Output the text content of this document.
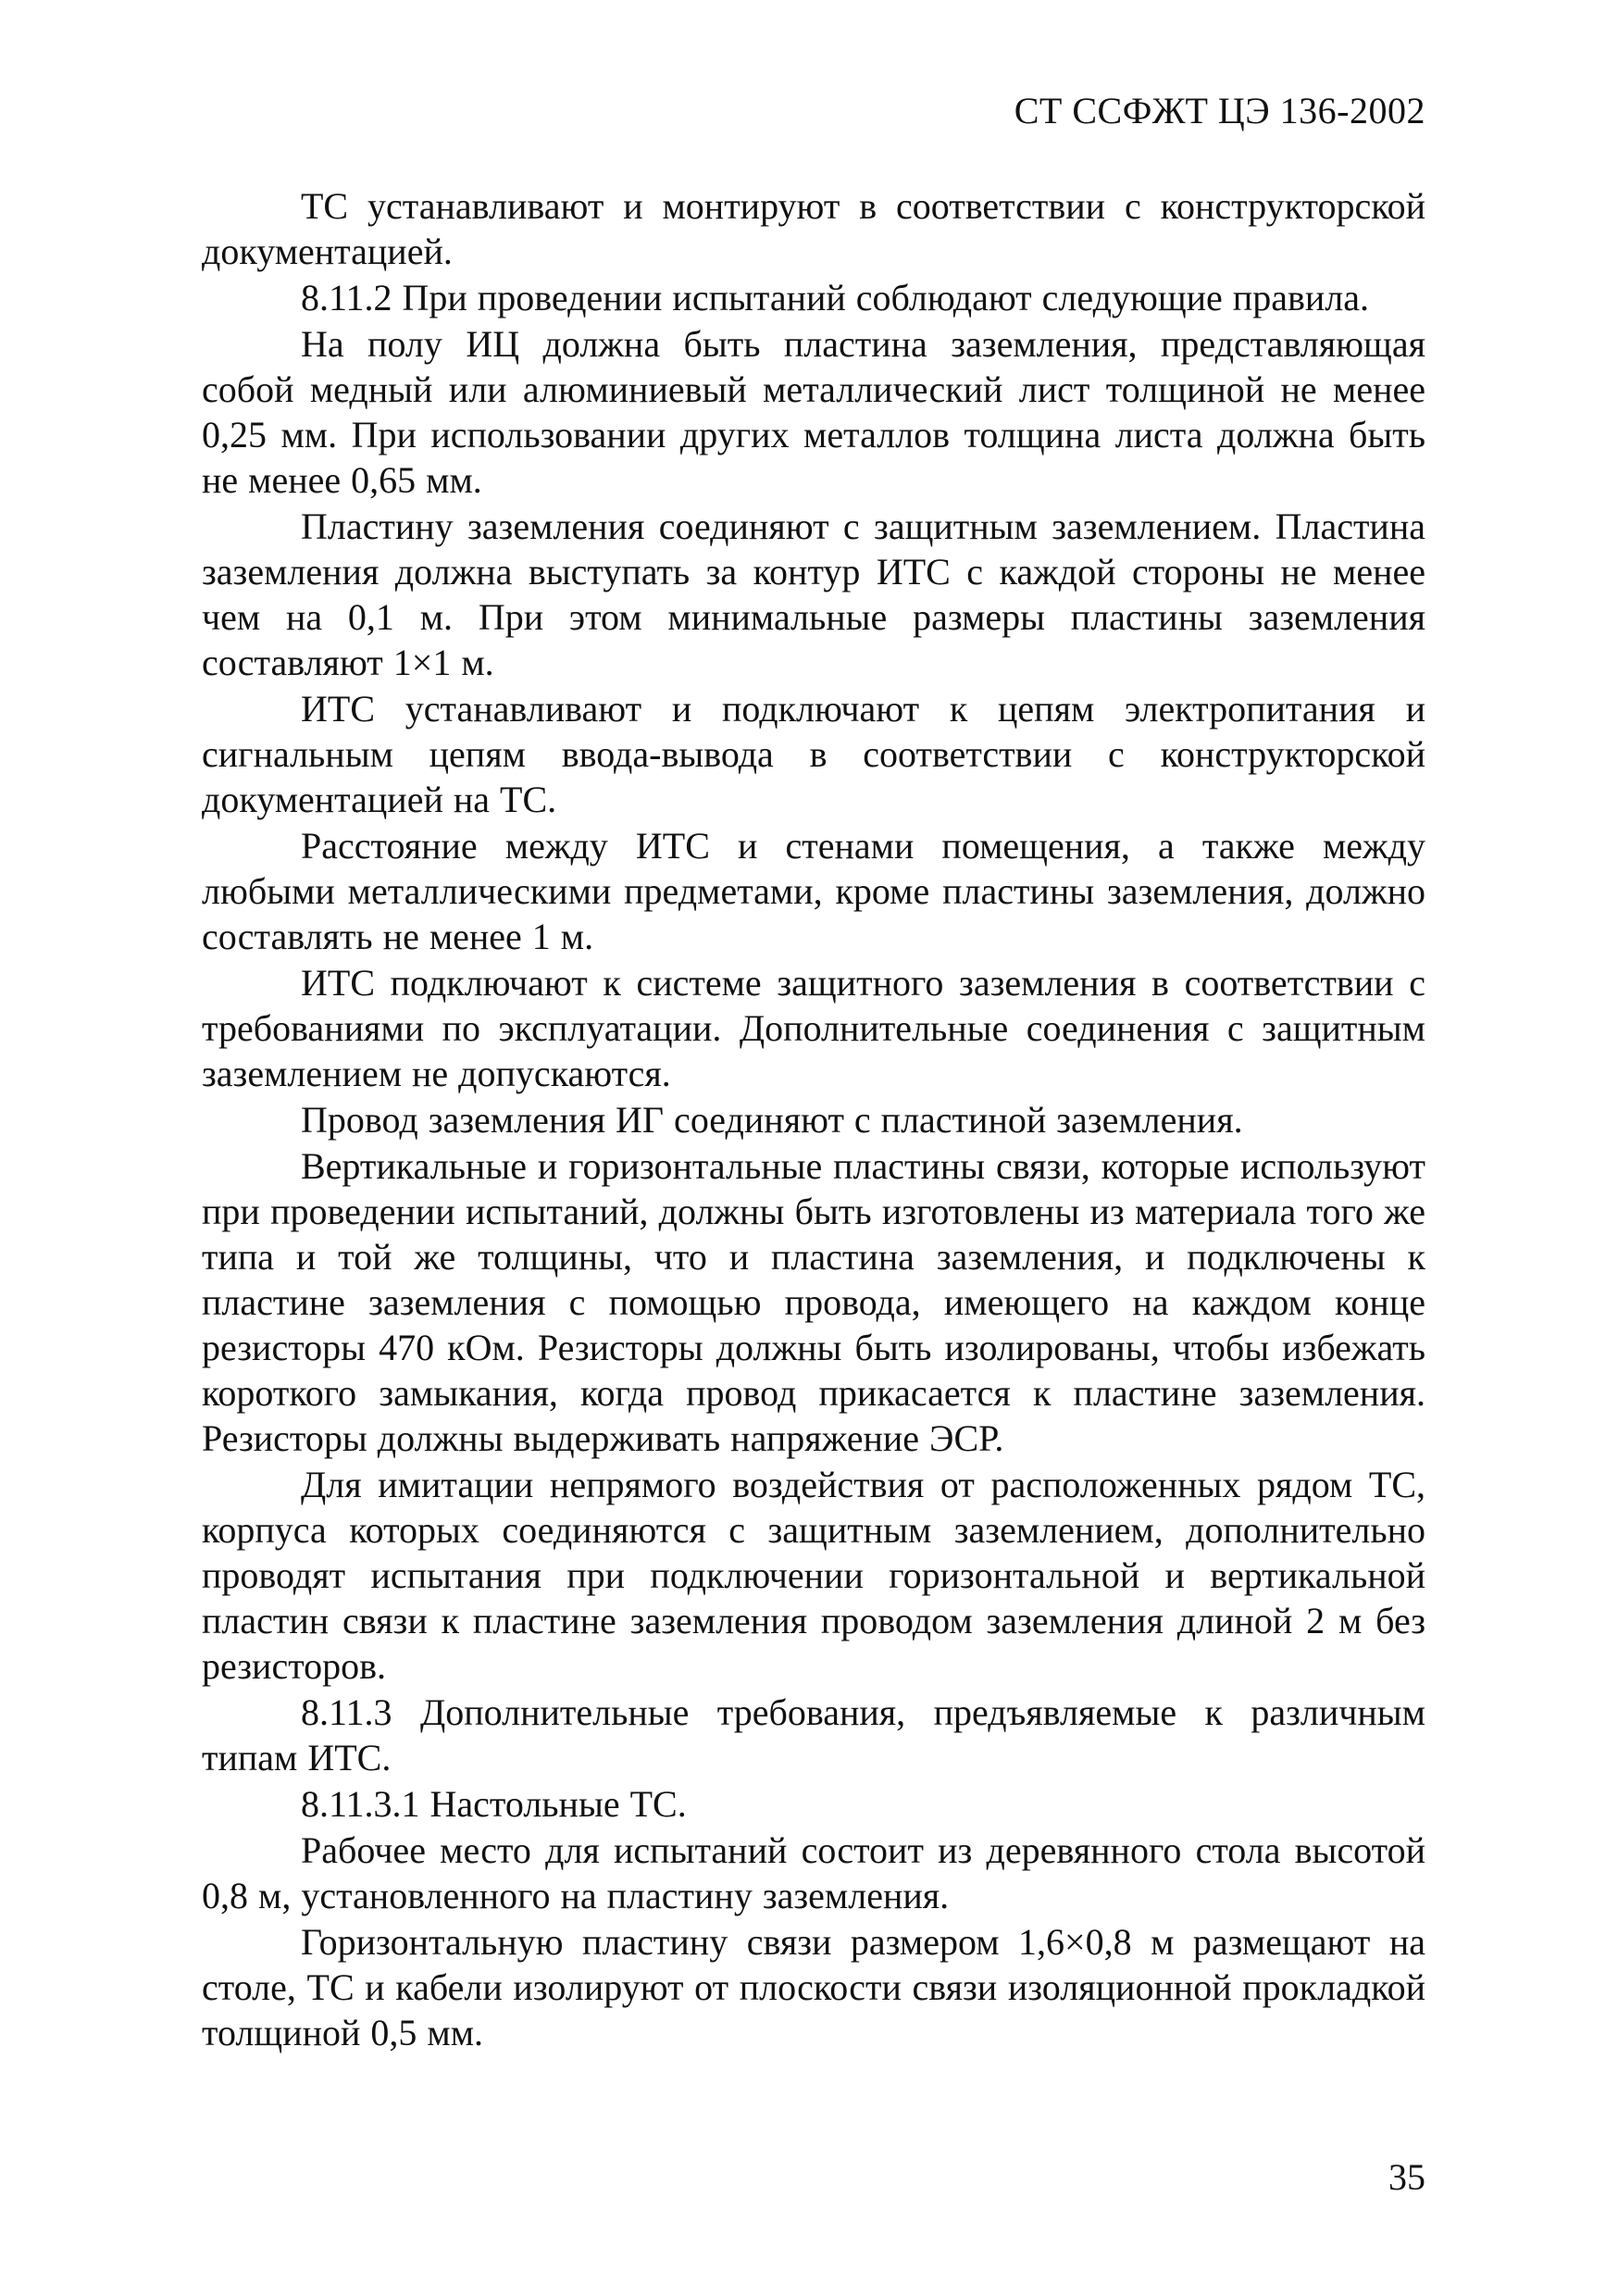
СТ ССФЖТ ЦЭ 136-2002

ТС устанавливают и монтируют в соответствии с конструкторской документацией.

8.11.2 При проведении испытаний соблюдают следующие правила.

На полу ИЦ должна быть пластина заземления, представляющая собой медный или алюминиевый металлический лист толщиной не менее 0,25 мм. При использовании других металлов толщина листа должна быть не менее 0,65 мм.

Пластину заземления соединяют с защитным заземлением. Пластина заземления должна выступать за контур ИТС с каждой стороны не менее чем на 0,1 м. При этом минимальные размеры пластины заземления составляют 1×1 м.

ИТС устанавливают и подключают к цепям электропитания и сигнальным цепям ввода-вывода в соответствии с конструкторской документацией на ТС.

Расстояние между ИТС и стенами помещения, а также между любыми металлическими предметами, кроме пластины заземления, должно составлять не менее 1 м.

ИТС подключают к системе защитного заземления в соответствии с требованиями по эксплуатации. Дополнительные соединения с защитным заземлением не допускаются.

Провод заземления ИГ соединяют с пластиной заземления.

Вертикальные и горизонтальные пластины связи, которые используют при проведении испытаний, должны быть изготовлены из материала того же типа и той же толщины, что и пластина заземления, и подключены к пластине заземления с помощью провода, имеющего на каждом конце резисторы 470 кОм. Резисторы должны быть изолированы, чтобы избежать короткого замыкания, когда провод прикасается к пластине заземления. Резисторы должны выдерживать напряжение ЭСР.

Для имитации непрямого воздействия от расположенных рядом ТС, корпуса которых соединяются с защитным заземлением, дополнительно проводят испытания при подключении горизонтальной и вертикальной пластин связи к пластине заземления проводом заземления длиной 2 м без резисторов.

8.11.3 Дополнительные требования, предъявляемые к различным типам ИТС.

8.11.3.1 Настольные ТС.

Рабочее место для испытаний состоит из деревянного стола высотой 0,8 м, установленного на пластину заземления.

Горизонтальную пластину связи размером 1,6×0,8 м размещают на столе, ТС и кабели изолируют от плоскости связи изоляционной прокладкой толщиной 0,5 мм.

35
